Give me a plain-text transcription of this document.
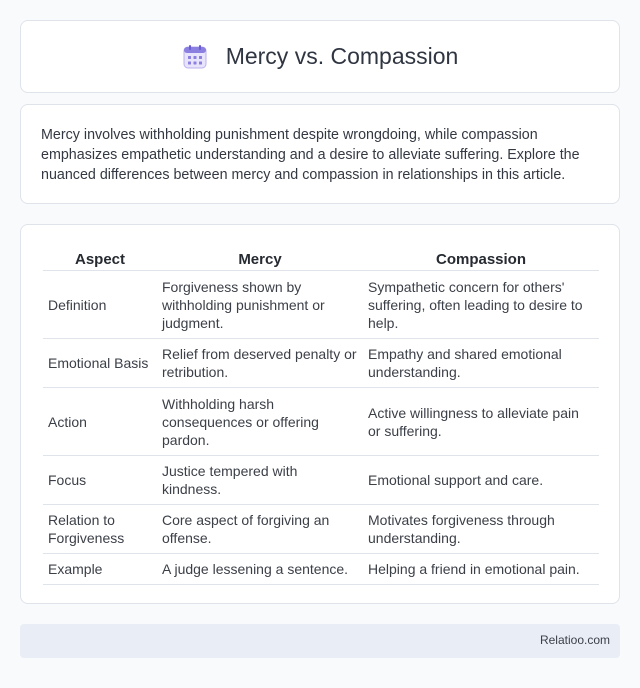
Mercy vs. Compassion

Mercy involves withholding punishment despite wrongdoing, while compassion emphasizes empathetic understanding and a desire to alleviate suffering. Explore the nuanced differences between mercy and compassion in relationships in this article.

Aspect	Mercy	Compassion
Definition	Forgiveness shown by withholding punishment or judgment.	Sympathetic concern for others' suffering, often leading to desire to help.
Emotional Basis	Relief from deserved penalty or retribution.	Empathy and shared emotional understanding.
Action	Withholding harsh consequences or offering pardon.	Active willingness to alleviate pain or suffering.
Focus	Justice tempered with kindness.	Emotional support and care.
Relation to Forgiveness	Core aspect of forgiving an offense.	Motivates forgiveness through understanding.
Example	A judge lessening a sentence.	Helping a friend in emotional pain.
Relatioo.com
